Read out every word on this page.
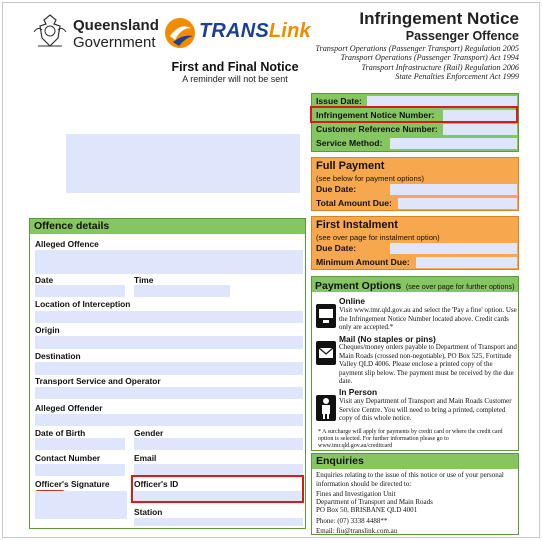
Queensland
Government
TRANSLink
First and Final Notice
A reminder will not be sent
Infringement Notice
Passenger Offence
Transport Operations (Passenger Transport) Regulation 2005
Transport Operations (Passenger Transport) Act 1994
Transport Infrastructure (Rail) Regulation 2006
State Penalties Enforcement Act 1999
Issue Date:
Infringement Notice Number:
Customer Reference Number:
Service Method:
Full Payment
(see below for payment options)
Due Date:
Total Amount Due:
First Instalment
(see over page for instalment option)
Due Date:
Minimum Amount Due:
Offence details
Alleged Offence
Date	Time
Location of Interception
Origin
Destination
Transport Service and Operator
Alleged Offender
Date of Birth	Gender
Contact Number	Email
Officer's Signature	Officer's ID
Station
Payment Options (see over page for further options)
Online
Visit www.tmr.qld.gov.au and select the 'Pay a fine' option. Use the Infringement Notice Number located above. Credit cards only are accepted.*
Mail (No staples or pins)
Cheques/money orders payable to Department of Transport and Main Roads (crossed non-negotiable), PO Box 525, Fortitude Valley QLD 4006. Please enclose a printed copy of the payment slip below. The payment must be received by the due date.
In Person
Visit any Department of Transport and Main Roads Customer Service Centre. You will need to bring a printed, completed copy of this whole notice.
* A surcharge will apply for payments by credit card or where the credit card option is selected. For further information please go to www.tmr.qld.gov.au/creditcard
Enquiries
Enquiries relating to the issue of this notice or use of your personal information should be directed to:
Fines and Investigation Unit
Department of Transport and Main Roads
PO Box 50, BRISBANE QLD 4001
Phone: (07) 3338 4488**
Email: fiu@translink.com.au
